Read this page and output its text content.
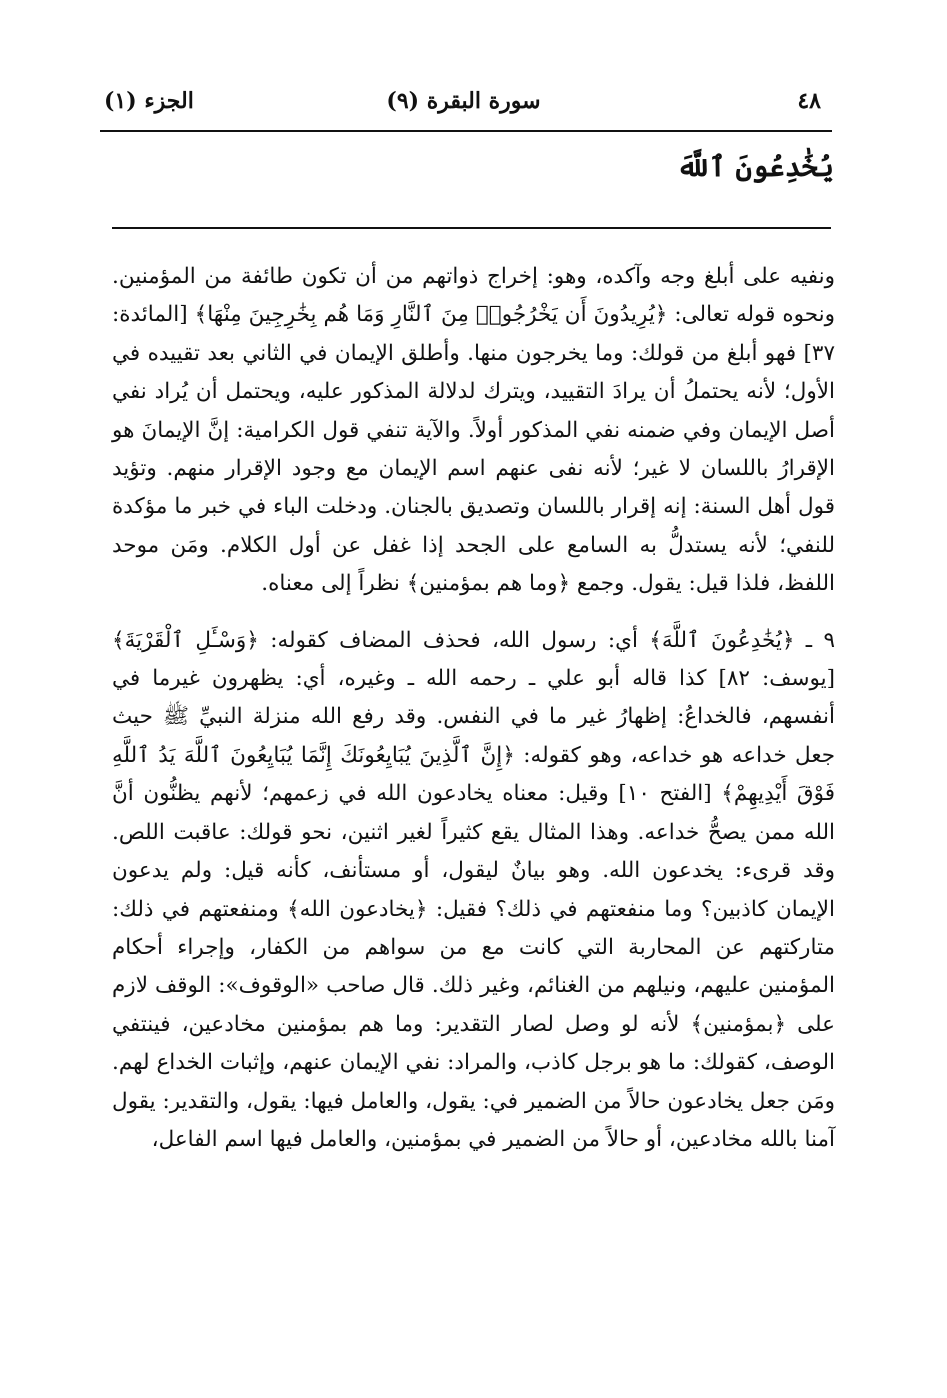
٤٨
سورة البقرة (٩)
الجزء (١)
يُخَٰدِعُونَ ٱللَّهَ

ونفيه على أبلغ وجه وآكده، وهو: إخراج ذواتهم من أن تكون طائفة من المؤمنين. ونحوه قوله تعالى: ﴿يُرِيدُونَ أَن يَخْرُجُوا۟ مِنَ ٱلنَّارِ وَمَا هُم بِخَٰرِجِينَ مِنْهَا﴾ [المائدة: ٣٧] فهو أبلغ من قولك: وما يخرجون منها. وأطلق الإيمان في الثاني بعد تقييده في الأول؛ لأنه يحتملُ أن يرادَ التقييد، ويترك لدلالة المذكور عليه، ويحتمل أن يُراد نفي أصل الإيمان وفي ضمنه نفي المذكور أولاً. والآية تنفي قول الكرامية: إنَّ الإيمانَ هو الإقرارُ باللسان لا غير؛ لأنه نفى عنهم اسم الإيمان مع وجود الإقرار منهم. وتؤيد قول أهل السنة: إنه إقرار باللسان وتصديق بالجنان. ودخلت الباء في خبر ما مؤكدة للنفي؛ لأنه يستدلُّ به السامع على الجحد إذا غفل عن أول الكلام. ومَن موحد اللفظ، فلذا قيل: يقول. وجمع ﴿وما هم بمؤمنين﴾ نظراً إلى معناه.

٩ ـ ﴿يُخَٰدِعُونَ ٱللَّهَ﴾ أي: رسول الله، فحذف المضاف كقوله: ﴿وَسْـَٔلِ ٱلْقَرْيَةَ﴾ [يوسف: ٨٢] كذا قاله أبو علي ـ رحمه الله ـ وغيره، أي: يظهرون غيرما في أنفسهم، فالخداعُ: إظهارُ غير ما في النفس. وقد رفع الله منزلة النبيِّ ﷺ حيث جعل خداعه هو خداعه، وهو كقوله: ﴿إِنَّ ٱلَّذِينَ يُبَايِعُونَكَ إِنَّمَا يُبَايِعُونَ ٱللَّهَ يَدُ ٱللَّهِ فَوْقَ أَيْدِيهِمْ﴾ [الفتح ١٠] وقيل: معناه يخادعون الله في زعمهم؛ لأنهم يظنُّون أنَّ الله ممن يصحُّ خداعه. وهذا المثال يقع كثيراً لغير اثنين، نحو قولك: عاقبت اللص. وقد قرىء: يخدعون الله. وهو بيانٌ ليقول، أو مستأنف، كأنه قيل: ولم يدعون الإيمان كاذبين؟ وما منفعتهم في ذلك؟ فقيل: ﴿يخادعون الله﴾ ومنفعتهم في ذلك: متاركتهم عن المحاربة التي كانت مع من سواهم من الكفار، وإجراء أحكام المؤمنين عليهم، ونيلهم من الغنائم، وغير ذلك. قال صاحب «الوقوف»: الوقف لازم على ﴿بمؤمنين﴾ لأنه لو وصل لصار التقدير: وما هم بمؤمنين مخادعين، فينتفي الوصف، كقولك: ما هو برجل كاذب، والمراد: نفي الإيمان عنهم، وإثبات الخداع لهم. ومَن جعل يخادعون حالاً من الضمير في: يقول، والعامل فيها: يقول، والتقدير: يقول آمنا بالله مخادعين، أو حالاً من الضمير في بمؤمنين، والعامل فيها اسم الفاعل،
